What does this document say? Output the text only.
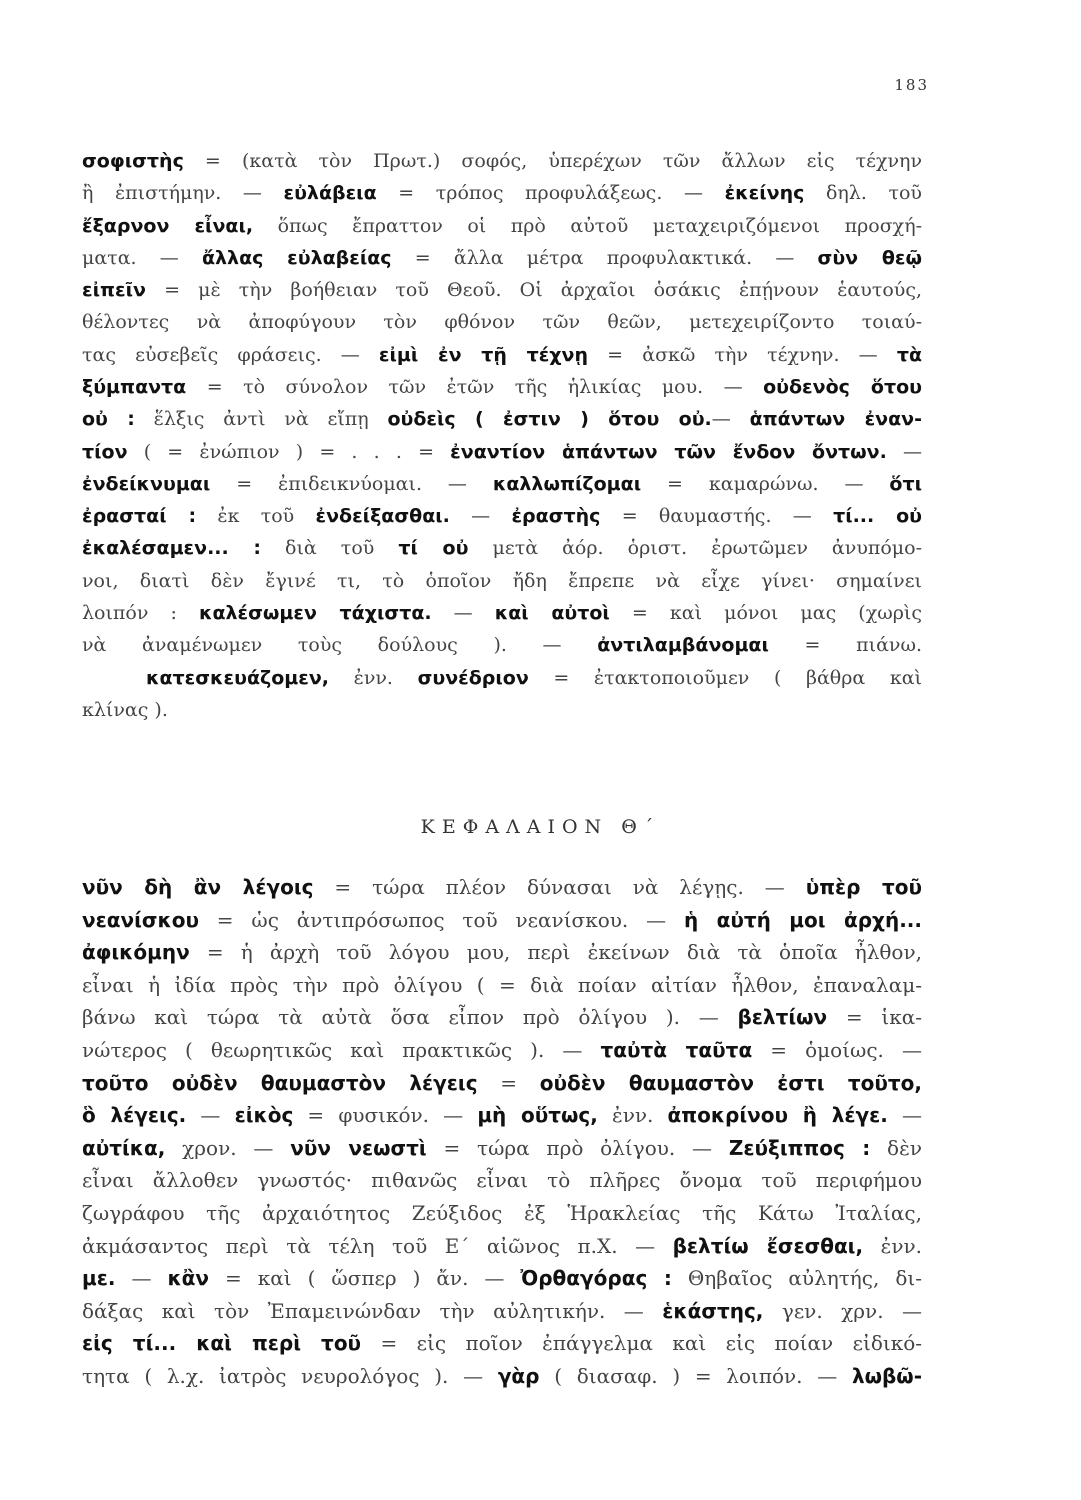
183
σοφιστὴς = (κατὰ τὸν Πρωτ.) σοφός, ὑπερέχων τῶν ἄλλων εἰς τέχνην
ἢ ἐπιστήμην. — εὐλάβεια = τρόπος προφυλάξεως. — ἐκείνης δηλ. τοῦ
ἔξαρνον εἶναι, ὅπως ἔπραττον οἱ πρὸ αὐτοῦ μεταχειριζόμενοι προσχή-
ματα. — ἄλλας εὐλαβείας = ἄλλα μέτρα προφυλακτικά. — σὺν θεῷ
εἰπεῖν = μὲ τὴν βοήθειαν τοῦ Θεοῦ. Οἱ ἀρχαῖοι ὁσάκις ἐπῄνουν ἑαυτούς,
θέλοντες νὰ ἀποφύγουν τὸν φθόνον τῶν θεῶν, μετεχειρίζοντο τοιαύ-
τας εὐσεβεῖς φράσεις. — εἰμὶ ἐν τῇ τέχνῃ = ἀσκῶ τὴν τέχνην. — τὰ
ξύμπαντα = τὸ σύνολον τῶν ἐτῶν τῆς ἡλικίας μου. — οὐδενὸς ὅτου
οὐ : ἕλξις ἀντὶ νὰ εἴπῃ οὐδεὶς ( ἐστιν ) ὅτου οὐ.— ἁπάντων ἐναν-
τίον ( = ἐνώπιον ) = . . . = ἐναντίον ἁπάντων τῶν ἔνδον ὄντων. —
ἐνδείκνυμαι = ἐπιδεικνύομαι. — καλλωπίζομαι = καμαρώνω. — ὅτι
ἐρασταί : ἐκ τοῦ ἐνδείξασθαι. — ἐραστὴς = θαυμαστής. — τί... οὐ
ἐκαλέσαμεν... : διὰ τοῦ τί οὐ μετὰ ἀόρ. ὁριστ. ἐρωτῶμεν ἀνυπόμο-
νοι, διατὶ δὲν ἔγινέ τι, τὸ ὁποῖον ἤδη ἔπρεπε νὰ εἶχε γίνει· σημαίνει
λοιπόν : καλέσωμεν τάχιστα. — καὶ αὐτοὶ = καὶ μόνοι μας (χωρὶς
νὰ ἀναμένωμεν τοὺς δούλους ). — ἀντιλαμβάνομαι = πιάνω.
κατεσκευάζομεν, ἐνν. συνέδριον = ἐτακτοποιοῦμεν ( βάθρα καὶ
κλίνας ).
ΚΕΦΑΛΑΙΟΝ Θ΄
νῦν δὴ ἂν λέγοις = τώρα πλέον δύνασαι νὰ λέγῃς. — ὑπὲρ τοῦ
νεανίσκου = ὡς ἀντιπρόσωπος τοῦ νεανίσκου. — ἡ αὐτή μοι ἀρχή...
ἀφικόμην = ἡ ἀρχὴ τοῦ λόγου μου, περὶ ἐκείνων διὰ τὰ ὁποῖα ἦλθον,
εἶναι ἡ ἰδία πρὸς τὴν πρὸ ὀλίγου ( = διὰ ποίαν αἰτίαν ἦλθον, ἐπαναλαμ-
βάνω καὶ τώρα τὰ αὐτὰ ὅσα εἶπον πρὸ ὀλίγου ). — βελτίων = ἱκα-
νώτερος ( θεωρητικῶς καὶ πρακτικῶς ). — ταὐτὰ ταῦτα = ὁμοίως. —
τοῦτο οὐδὲν θαυμαστὸν λέγεις = οὐδὲν θαυμαστὸν ἐστι τοῦτο,
ὃ λέγεις. — εἰκὸς = φυσικόν. — μὴ οὕτως, ἐνν. ἀποκρίνου ἢ λέγε. —
αὐτίκα, χρον. — νῦν νεωστὶ = τώρα πρὸ ὀλίγου. — Ζεύξιππος : δὲν
εἶναι ἄλλοθεν γνωστός· πιθανῶς εἶναι τὸ πλῆρες ὄνομα τοῦ περιφήμου
ζωγράφου τῆς ἀρχαιότητος Ζεύξιδος ἐξ Ἡρακλείας τῆς Κάτω Ἰταλίας,
ἀκμάσαντος περὶ τὰ τέλη τοῦ Ε΄ αἰῶνος π.Χ. — βελτίω ἔσεσθαι, ἐνν.
με. — κἂν = καὶ ( ὥσπερ ) ἄν. — Ὀρθαγόρας : Θηβαῖος αὐλητής, δι-
δάξας καὶ τὸν Ἐπαμεινώνδαν τὴν αὐλητικήν. — ἑκάστης, γεν. χρν. —
εἰς τί... καὶ περὶ τοῦ = εἰς ποῖον ἐπάγγελμα καὶ εἰς ποίαν εἰδικό-
τητα ( λ.χ. ἰατρὸς νευρολόγος ). — γὰρ ( διασαφ. ) = λοιπόν. — λωβῶ-
